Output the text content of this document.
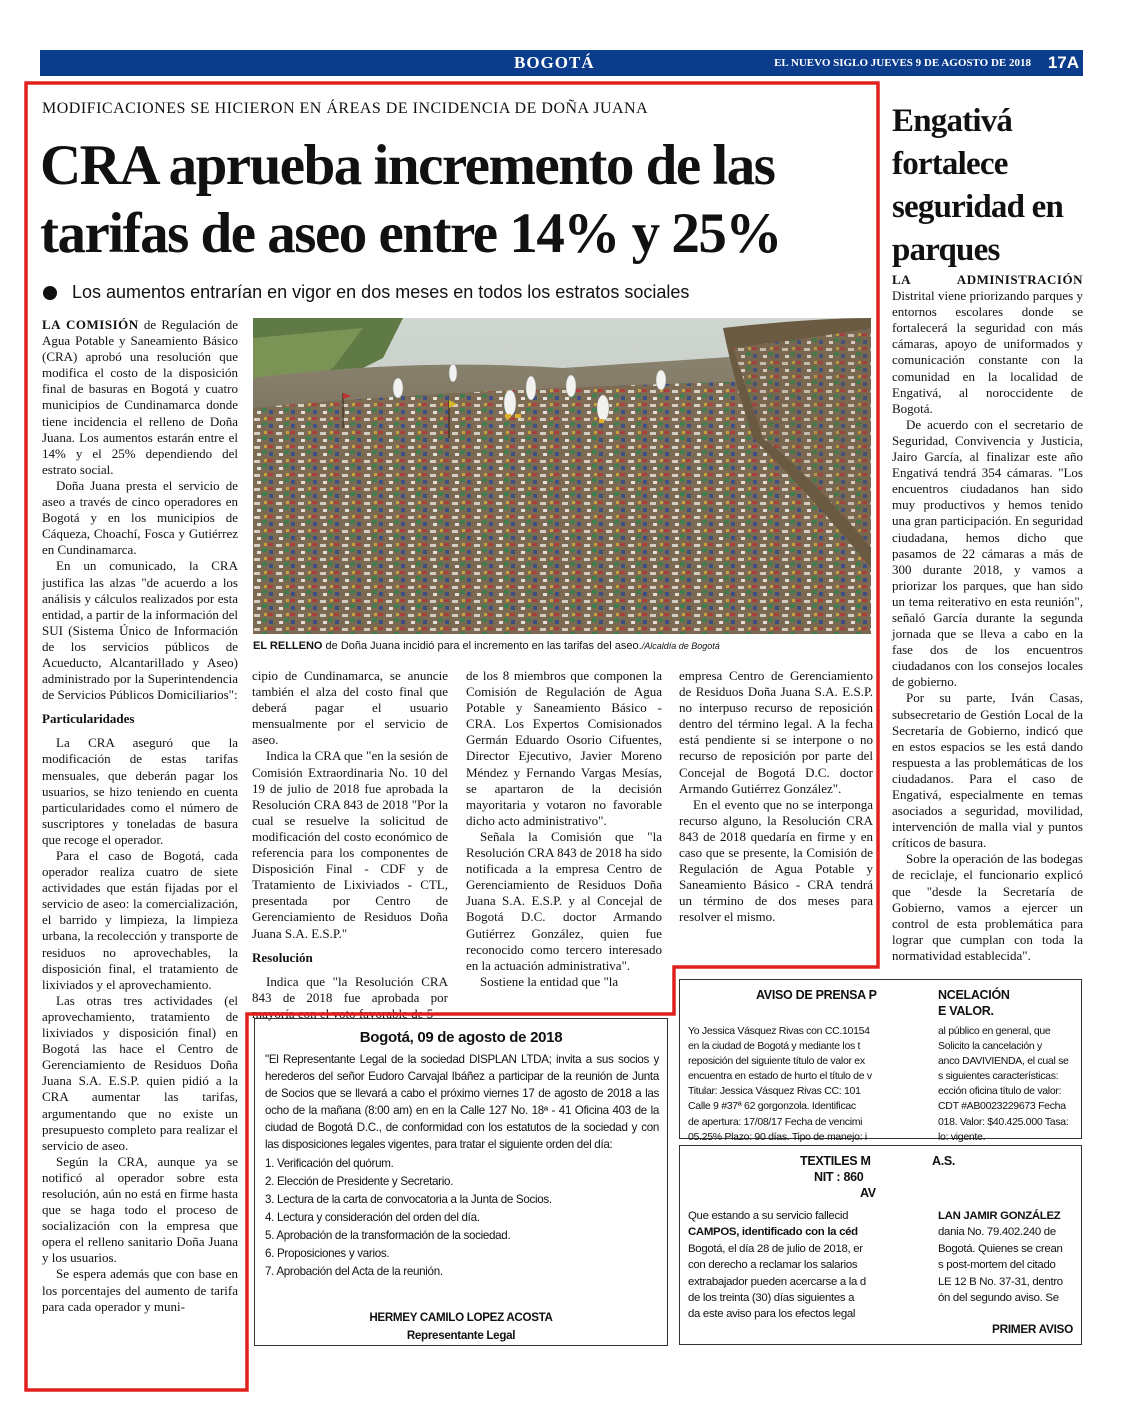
BOGOTÁ	EL NUEVO SIGLO JUEVES 9 DE AGOSTO DE 2018 17A
MODIFICACIONES SE HICIERON EN ÁREAS DE INCIDENCIA DE DOÑA JUANA
CRA aprueba incremento de las tarifas de aseo entre 14% y 25%
Los aumentos entrarían en vigor en dos meses en todos los estratos sociales

LA COMISIÓN de Regulación de Agua Potable y Saneamiento Básico (CRA) aprobó una resolución que modifica el costo de la disposición final de basuras en Bogotá y cuatro municipios de Cundinamarca donde tiene incidencia el relleno de Doña Juana. Los aumentos estarán entre el 14% y el 25% dependiendo del estrato social.

Doña Juana presta el servicio de aseo a través de cinco operadores en Bogotá y en los municipios de Cáqueza, Choachí, Fosca y Gutiérrez en Cundinamarca.

En un comunicado, la CRA justifica las alzas "de acuerdo a los análisis y cálculos realizados por esta entidad, a partir de la información del SUI (Sistema Único de Información de los servicios públicos de Acueducto, Alcantarillado y Aseo) administrado por la Superintendencia de Servicios Públicos Domiciliarios":

Particularidades

La CRA aseguró que la modificación de estas tarifas mensuales, que deberán pagar los usuarios, se hizo teniendo en cuenta particularidades como el número de suscriptores y toneladas de basura que recoge el operador.

Para el caso de Bogotá, cada operador realiza cuatro de siete actividades que están fijadas por el servicio de aseo: la comercialización, el barrido y limpieza, la limpieza urbana, la recolección y transporte de residuos no aprovechables, la disposición final, el tratamiento de lixiviados y el aprovechamiento.

Las otras tres actividades (el aprovechamiento, tratamiento de lixiviados y disposición final) en Bogotá las hace el Centro de Gerenciamiento de Residuos Doña Juana S.A. E.S.P. quien pidió a la CRA aumentar las tarifas, argumentando que no existe un presupuesto completo para realizar el servicio de aseo.

Según la CRA, aunque ya se notificó al operador sobre esta resolución, aún no está en firme hasta que se haga todo el proceso de socialización con la empresa que opera el relleno sanitario Doña Juana y los usuarios.

Se espera además que con base en los porcentajes del aumento de tarifa para cada operador y muni-

EL RELLENO de Doña Juana incidió para el incremento en las tarifas del aseo./Alcaldía de Bogotá

cipio de Cundinamarca, se anuncie también el alza del costo final que deberá pagar el usuario mensualmente por el servicio de aseo.

Indica la CRA que "en la sesión de Comisión Extraordinaria No. 10 del 19 de julio de 2018 fue aprobada la Resolución CRA 843 de 2018 "Por la cual se resuelve la solicitud de modificación del costo económico de referencia para los componentes de Disposición Final - CDF y de Tratamiento de Lixiviados - CTL, presentada por Centro de Gerenciamiento de Residuos Doña Juana S.A. E.S.P."

Resolución

Indica que "la Resolución CRA 843 de 2018 fue aprobada por mayoría con el voto favorable de 5

de los 8 miembros que componen la Comisión de Regulación de Agua Potable y Saneamiento Básico - CRA. Los Expertos Comisionados Germán Eduardo Osorio Cifuentes, Director Ejecutivo, Javier Moreno Méndez y Fernando Vargas Mesías, se apartaron de la decisión mayoritaria y votaron no favorable dicho acto administrativo".

Señala la Comisión que "la Resolución CRA 843 de 2018 ha sido notificada a la empresa Centro de Gerenciamiento de Residuos Doña Juana S.A. E.S.P. y al Concejal de Bogotá D.C. doctor Armando Gutiérrez González, quien fue reconocido como tercero interesado en la actuación administrativa".

Sostiene la entidad que "la

empresa Centro de Gerenciamiento de Residuos Doña Juana S.A. E.S.P. no interpuso recurso de reposición dentro del término legal. A la fecha está pendiente si se interpone o no recurso de reposición por parte del Concejal de Bogotá D.C. doctor Armando Gutiérrez González".

En el evento que no se interponga recurso alguno, la Resolución CRA 843 de 2018 quedaría en firme y en caso que se presente, la Comisión de Regulación de Agua Potable y Saneamiento Básico - CRA tendrá un término de dos meses para resolver el mismo.

Engativá fortalece seguridad en parques

LA ADMINISTRACIÓN Distrital viene priorizando parques y entornos escolares donde se fortalecerá la seguridad con más cámaras, apoyo de uniformados y comunicación constante con la comunidad en la localidad de Engativá, al noroccidente de Bogotá.

De acuerdo con el secretario de Seguridad, Convivencia y Justicia, Jairo García, al finalizar este año Engativá tendrá 354 cámaras. "Los encuentros ciudadanos han sido muy productivos y hemos tenido una gran participación. En seguridad ciudadana, hemos dicho que pasamos de 22 cámaras a más de 300 durante 2018, y vamos a priorizar los parques, que han sido un tema reiterativo en esta reunión", señaló García durante la segunda jornada que se lleva a cabo en la fase dos de los encuentros ciudadanos con los consejos locales de gobierno.

Por su parte, Iván Casas, subsecretario de Gestión Local de la Secretaría de Gobierno, indicó que en estos espacios se les está dando respuesta a las problemáticas de los ciudadanos. Para el caso de Engativá, especialmente en temas asociados a seguridad, movilidad, intervención de malla vial y puntos críticos de basura.

Sobre la operación de las bodegas de reciclaje, el funcionario explicó que "desde la Secretaría de Gobierno, vamos a ejercer un control de esta problemática para lograr que cumplan con toda la normatividad establecida".

Bogotá, 09 de agosto de 2018
"El Representante Legal de la sociedad DISPLAN LTDA; invita a sus socios y herederos del señor Eudoro Carvajal Ibáñez a participar de la reunión de Junta de Socios que se llevará a cabo el próximo viernes 17 de agosto de 2018 a las ocho de la mañana (8:00 am) en en la Calle 127 No. 18ª - 41 Oficina 403 de la ciudad de Bogotá D.C., de conformidad con los estatutos de la sociedad y con las disposiciones legales vigentes, para tratar el siguiente orden del día:
1. Verificación del quórum.
2. Elección de Presidente y Secretario.
3. Lectura de la carta de convocatoria a la Junta de Socios.
4. Lectura y consideración del orden del día.
5. Aprobación de la transformación de la sociedad.
6. Proposiciones y varios.
7. Aprobación del Acta de la reunión.
HERMEY CAMILO LOPEZ ACOSTA
Representante Legal
AVISO DE PRENSA P	NCELACIÓN
E VALOR.
Yo Jessica Vásquez Rivas con CC.10154
en la ciudad de Bogotá y mediante los t
reposición del siguiente título de valor ex
encuentra en estado de hurto el título de v
Titular: Jessica Vásquez Rivas CC: 101
Calle 9 #37ª 62 gorgonzola. Identificac
de apertura: 17/08/17 Fecha de vencimi
05.25% Plazo: 90 días. Tipo de manejo: i
al público en general, que
Solicito la cancelación y
anco DAVIVIENDA, el cual se
s siguientes características:
ección oficina título de valor:
CDT #AB0023229673 Fecha
018. Valor: $40.425.000 Tasa:
lo: vigente.
TEXTILES M	A.S.
NIT : 860
AV
Que estando a su servicio fallecid
CAMPOS, identificado con la céd
Bogotá, el día 28 de julio de 2018, er
con derecho a reclamar los salarios
extrabajador pueden acercarse a la d
de los treinta (30) días siguientes a
da este aviso para los efectos legal
LAN JAMIR GONZÁLEZ
dania No. 79.402.240 de
Bogotá. Quienes se crean
s post-mortem del citado
LE 12 B No. 37-31, dentro
ón del segundo aviso. Se
PRIMER AVISO
